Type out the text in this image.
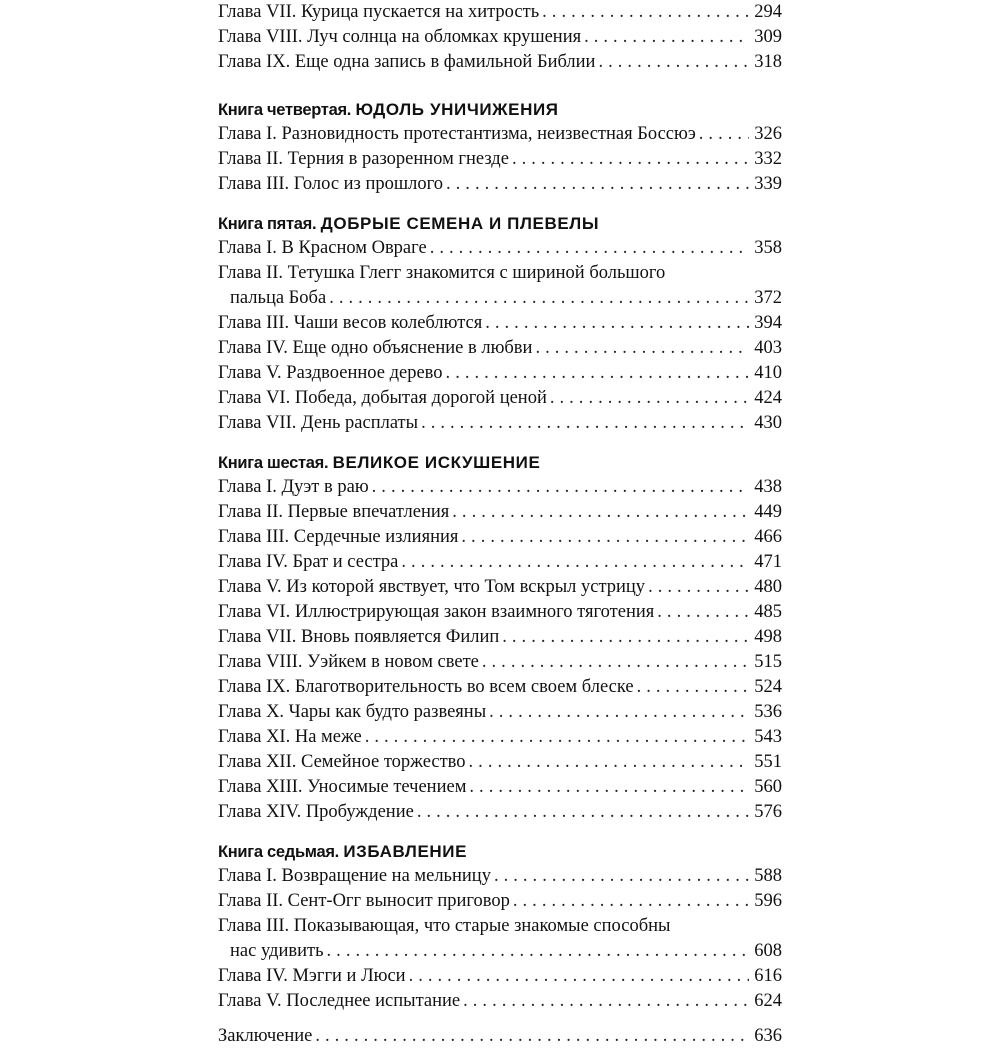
Глава VII. Курица пускается на хитрость . . .	294
Глава VIII. Луч солнца на обломках крушения . . .	309
Глава IX. Еще одна запись в фамильной Библии . . .	318
Книга четвертая. ЮДОЛЬ УНИЧИЖЕНИЯ
Глава I. Разновидность протестантизма, неизвестная Боссюэ . . .	326
Глава II. Терния в разоренном гнезде . . .	332
Глава III. Голос из прошлого . . .	339
Книга пятая. ДОБРЫЕ СЕМЕНА И ПЛЕВЕЛЫ
Глава I. В Красном Овраге . . .	358
Глава II. Тетушка Глегг знакомится с шириной большого
пальца Боба . . .	372
Глава III. Чаши весов колеблются . . .	394
Глава IV. Еще одно объяснение в любви . . .	403
Глава V. Раздвоенное дерево . . .	410
Глава VI. Победа, добытая дорогой ценой . . .	424
Глава VII. День расплаты . . .	430
Книга шестая. ВЕЛИКОЕ ИСКУШЕНИЕ
Глава I. Дуэт в раю . . .	438
Глава II. Первые впечатления . . .	449
Глава III. Сердечные излияния . . .	466
Глава IV. Брат и сестра . . .	471
Глава V. Из которой явствует, что Том вскрыл устрицу . . .	480
Глава VI. Иллюстрирующая закон взаимного тяготения . . .	485
Глава VII. Вновь появляется Филип . . .	498
Глава VIII. Уэйкем в новом свете . . .	515
Глава IX. Благотворительность во всем своем блеске . . .	524
Глава X. Чары как будто развеяны . . .	536
Глава XI. На меже . . .	543
Глава XII. Семейное торжество . . .	551
Глава XIII. Уносимые течением . . .	560
Глава XIV. Пробуждение . . .	576
Книга седьмая. ИЗБАВЛЕНИЕ
Глава I. Возвращение на мельницу . . .	588
Глава II. Сент-Огг выносит приговор . . .	596
Глава III. Показывающая, что старые знакомые способны
нас удивить . . .	608
Глава IV. Мэгги и Люси . . .	616
Глава V. Последнее испытание . . .	624
Заключение . . .	636
